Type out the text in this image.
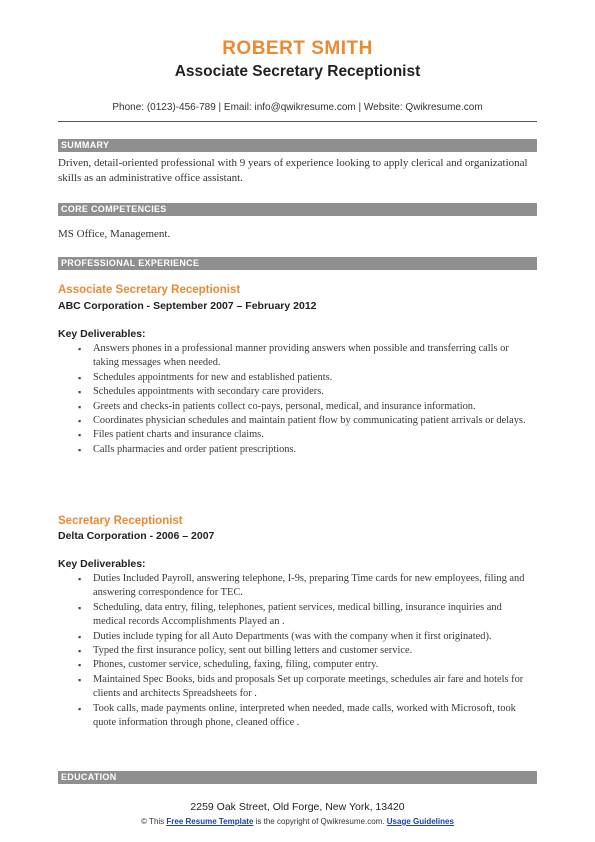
ROBERT SMITH
Associate Secretary Receptionist
Phone: (0123)-456-789 | Email: info@qwikresume.com | Website: Qwikresume.com
SUMMARY
Driven, detail-oriented professional with 9 years of experience looking to apply clerical and organizational skills as an administrative office assistant.
CORE COMPETENCIES
MS Office, Management.
PROFESSIONAL EXPERIENCE
Associate Secretary Receptionist
ABC Corporation - September 2007 – February 2012
Key Deliverables:
▪ Answers phones in a professional manner providing answers when possible and transferring calls or taking messages when needed.
▪ Schedules appointments for new and established patients.
▪ Schedules appointments with secondary care providers.
▪ Greets and checks-in patients collect co-pays, personal, medical, and insurance information.
▪ Coordinates physician schedules and maintain patient flow by communicating patient arrivals or delays.
▪ Files patient charts and insurance claims.
▪ Calls pharmacies and order patient prescriptions.
Secretary Receptionist
Delta Corporation - 2006 – 2007
Key Deliverables:
▪ Duties Included Payroll, answering telephone, I-9s, preparing Time cards for new employees, filing and answering correspondence for TEC.
▪ Scheduling, data entry, filing, telephones, patient services, medical billing, insurance inquiries and medical records Accomplishments Played an .
▪ Duties include typing for all Auto Departments (was with the company when it first originated).
▪ Typed the first insurance policy, sent out billing letters and customer service.
▪ Phones, customer service, scheduling, faxing, filing, computer entry.
▪ Maintained Spec Books, bids and proposals Set up corporate meetings, schedules air fare and hotels for clients and architects Spreadsheets for .
▪ Took calls, made payments online, interpreted when needed, made calls, worked with Microsoft, took quote information through phone, cleaned office .
EDUCATION
2259 Oak Street, Old Forge, New York, 13420
© This Free Resume Template is the copyright of Qwikresume.com. Usage Guidelines
